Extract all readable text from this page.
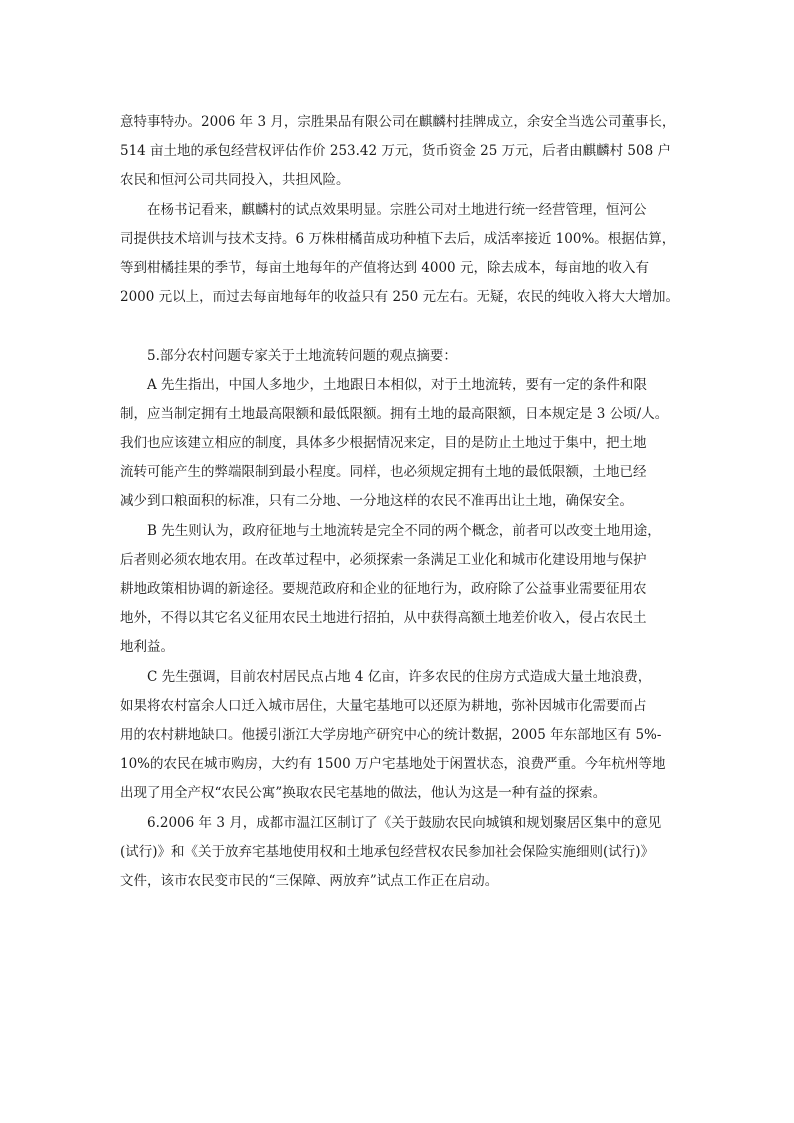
意特事特办。2006 年 3 月，宗胜果品有限公司在麒麟村挂牌成立，余安全当选公司董事长，
514 亩土地的承包经营权评估作价 253.42 万元，货币资金 25 万元，后者由麒麟村 508 户
农民和恒河公司共同投入，共担风险。
在杨书记看来，麒麟村的试点效果明显。宗胜公司对土地进行统一经营管理，恒河公
司提供技术培训与技术支持。6 万株柑橘苗成功种植下去后，成活率接近 100%。根据估算，
等到柑橘挂果的季节，每亩土地每年的产值将达到 4000 元，除去成本，每亩地的收入有
2000 元以上，而过去每亩地每年的收益只有 250 元左右。无疑，农民的纯收入将大大增加。
5.部分农村问题专家关于土地流转问题的观点摘要：
A 先生指出，中国人多地少，土地跟日本相似，对于土地流转，要有一定的条件和限
制，应当制定拥有土地最高限额和最低限额。拥有土地的最高限额，日本规定是 3 公顷/人。
我们也应该建立相应的制度，具体多少根据情况来定，目的是防止土地过于集中，把土地
流转可能产生的弊端限制到最小程度。同样，也必须规定拥有土地的最低限额，土地已经
减少到口粮面积的标准，只有二分地、一分地这样的农民不准再出让土地，确保安全。
B 先生则认为，政府征地与土地流转是完全不同的两个概念，前者可以改变土地用途，
后者则必须农地农用。在改革过程中，必须探索一条满足工业化和城市化建设用地与保护
耕地政策相协调的新途径。要规范政府和企业的征地行为，政府除了公益事业需要征用农
地外，不得以其它名义征用农民土地进行招拍，从中获得高额土地差价收入，侵占农民土
地利益。
C 先生强调，目前农村居民点占地 4 亿亩，许多农民的住房方式造成大量土地浪费，
如果将农村富余人口迁入城市居住，大量宅基地可以还原为耕地，弥补因城市化需要而占
用的农村耕地缺口。他援引浙江大学房地产研究中心的统计数据，2005 年东部地区有 5%-
10%的农民在城市购房，大约有 1500 万户宅基地处于闲置状态，浪费严重。今年杭州等地
出现了用全产权“农民公寓”换取农民宅基地的做法，他认为这是一种有益的探索。
6.2006 年 3 月，成都市温江区制订了《关于鼓励农民向城镇和规划聚居区集中的意见
(试行)》和《关于放弃宅基地使用权和土地承包经营权农民参加社会保险实施细则(试行)》
文件，该市农民变市民的“三保障、两放弃”试点工作正在启动。
